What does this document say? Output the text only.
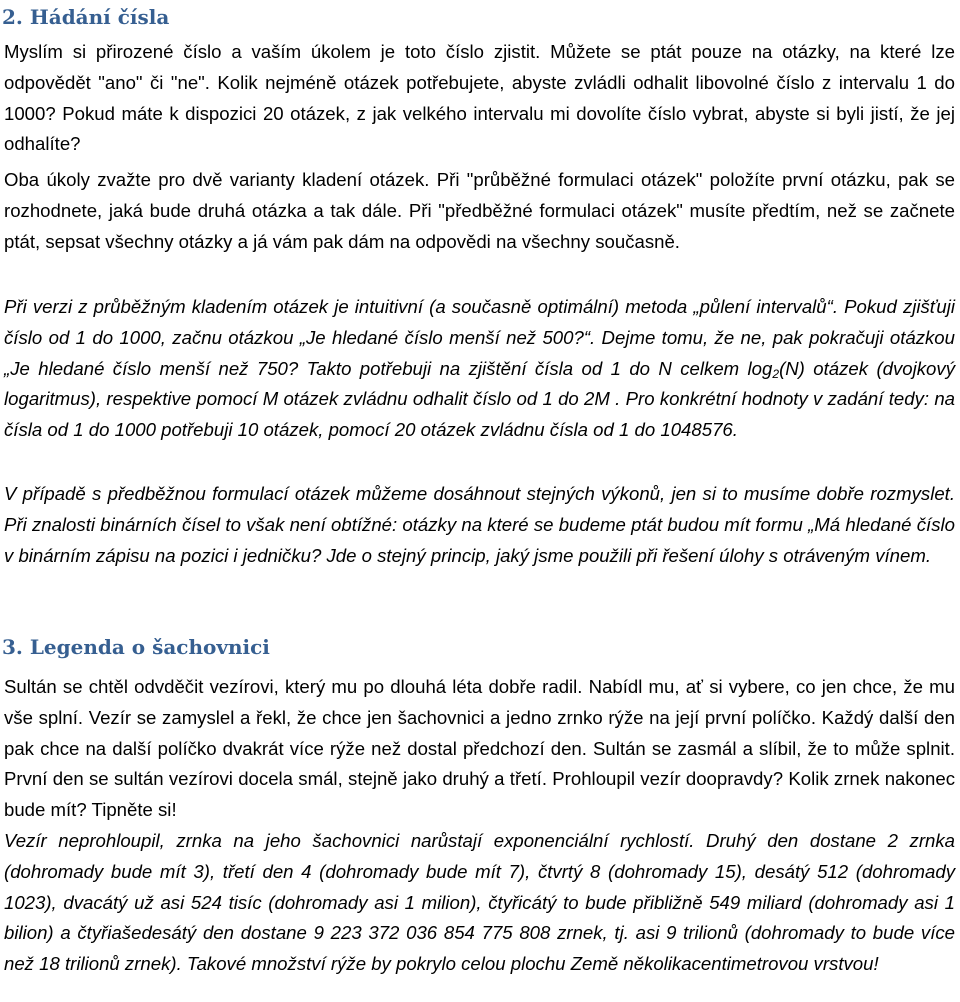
2. Hádání čísla

Myslím si přirozené číslo a vaším úkolem je toto číslo zjistit. Můžete se ptát pouze na otázky, na které lze odpovědět "ano" či "ne". Kolik nejméně otázek potřebujete, abyste zvládli odhalit libovolné číslo z intervalu 1 do 1000? Pokud máte k dispozici 20 otázek, z jak velkého intervalu mi dovolíte číslo vybrat, abyste si byli jistí, že jej odhalíte?

Oba úkoly zvažte pro dvě varianty kladení otázek. Při "průběžné formulaci otázek" položíte první otázku, pak se rozhodnete, jaká bude druhá otázka a tak dále. Při "předběžné formulaci otázek" musíte předtím, než se začnete ptát, sepsat všechny otázky a já vám pak dám na odpovědi na všechny současně.

Při verzi z průběžným kladením otázek je intuitivní (a současně optimální) metoda „půlení intervalů“. Pokud zjišťuji číslo od 1 do 1000, začnu otázkou „Je hledané číslo menší než 500?“. Dejme tomu, že ne, pak pokračuji otázkou „Je hledané číslo menší než 750? Takto potřebuji na zjištění čísla od 1 do N celkem $\log_2(N)$ otázek (dvojkový logaritmus), respektive pomocí M otázek zvládnu odhalit číslo od 1 do 2M . Pro konkrétní hodnoty v zadání tedy: na čísla od 1 do 1000 potřebuji 10 otázek, pomocí 20 otázek zvládnu čísla od 1 do 1048576.

V případě s předběžnou formulací otázek můžeme dosáhnout stejných výkonů, jen si to musíme dobře rozmyslet. Při znalosti binárních čísel to však není obtížné: otázky na které se budeme ptát budou mít formu „Má hledané číslo v binárním zápisu na pozici i jedničku? Jde o stejný princip, jaký jsme použili při řešení úlohy s otráveným vínem.

3. Legenda o šachovnici

Sultán se chtěl odvděčit vezírovi, který mu po dlouhá léta dobře radil. Nabídl mu, ať si vybere, co jen chce, že mu vše splní. Vezír se zamyslel a řekl, že chce jen šachovnici a jedno zrnko rýže na její první políčko. Každý další den pak chce na další políčko dvakrát více rýže než dostal předchozí den. Sultán se zasmál a slíbil, že to může splnit. První den se sultán vezírovi docela smál, stejně jako druhý a třetí. Prohloupil vezír doopravdy? Kolik zrnek nakonec bude mít? Tipněte si!

Vezír neprohloupil, zrnka na jeho šachovnici narůstají exponenciální rychlostí. Druhý den dostane 2 zrnka (dohromady bude mít 3), třetí den 4 (dohromady bude mít 7), čtvrtý 8 (dohromady 15), desátý 512 (dohromady 1023), dvacátý už asi 524 tisíc (dohromady asi 1 milion), čtyřicátý to bude přibližně 549 miliard (dohromady asi 1 bilion) a čtyřiašedesátý den dostane 9 223 372 036 854 775 808 zrnek, tj. asi 9 trilionů (dohromady to bude více než 18 trilionů zrnek). Takové množství rýže by pokrylo celou plochu Země několikacentimetrovou vrstvou!
